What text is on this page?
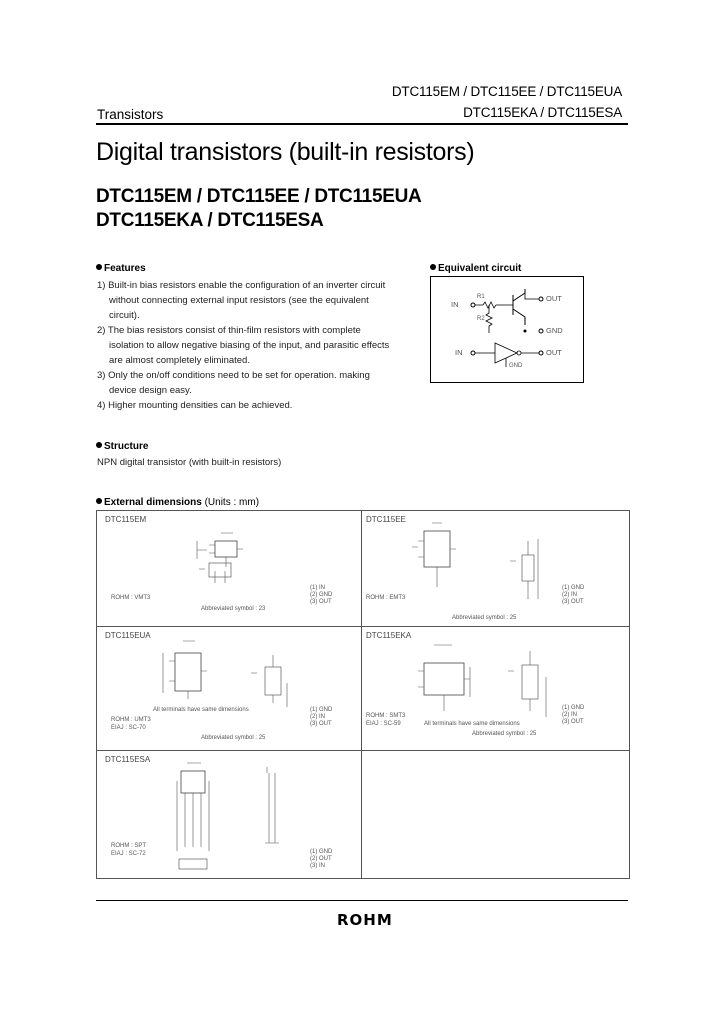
DTC115EM / DTC115EE / DTC115EUA
Transistors	DTC115EKA / DTC115ESA
Digital transistors (built-in resistors)
DTC115EM / DTC115EE / DTC115EUA
DTC115EKA / DTC115ESA
Features
1) Built-in bias resistors enable the configuration of an inverter circuit without connecting external input resistors (see the equivalent circuit).
2) The bias resistors consist of thin-film resistors with complete isolation to allow negative biasing of the input, and parasitic effects are almost completely eliminated.
3) Only the on/off conditions need to be set for operation. making device design easy.
4) Higher mounting densities can be achieved.
Equivalent circuit
IN
R1
R2
OUT
GND
IN	OUT
GND
Structure
NPN digital transistor (with built-in resistors)
External dimensions (Units : mm)
DTC115EM
ROHM : VMT3
(1) IN
(2) GND
(3) OUT
Abbreviated symbol : 23
DTC115EE
ROHM : EMT3
(1) GND
(2) IN
(3) OUT
Abbreviated symbol : 25
DTC115EUA
All terminals have same dimensions
ROHM : UMT3
EIAJ : SC-70
(1) GND
(2) IN
(3) OUT
Abbreviated symbol : 25
DTC115EKA
All terminals have same dimensions
ROHM : SMT3
EIAJ : SC-59
(1) GND
(2) IN
(3) OUT
Abbreviated symbol : 25
DTC115ESA
ROHM : SPT
EIAJ : SC-72	(1) GND
(2) OUT
(3) IN
ROHM
